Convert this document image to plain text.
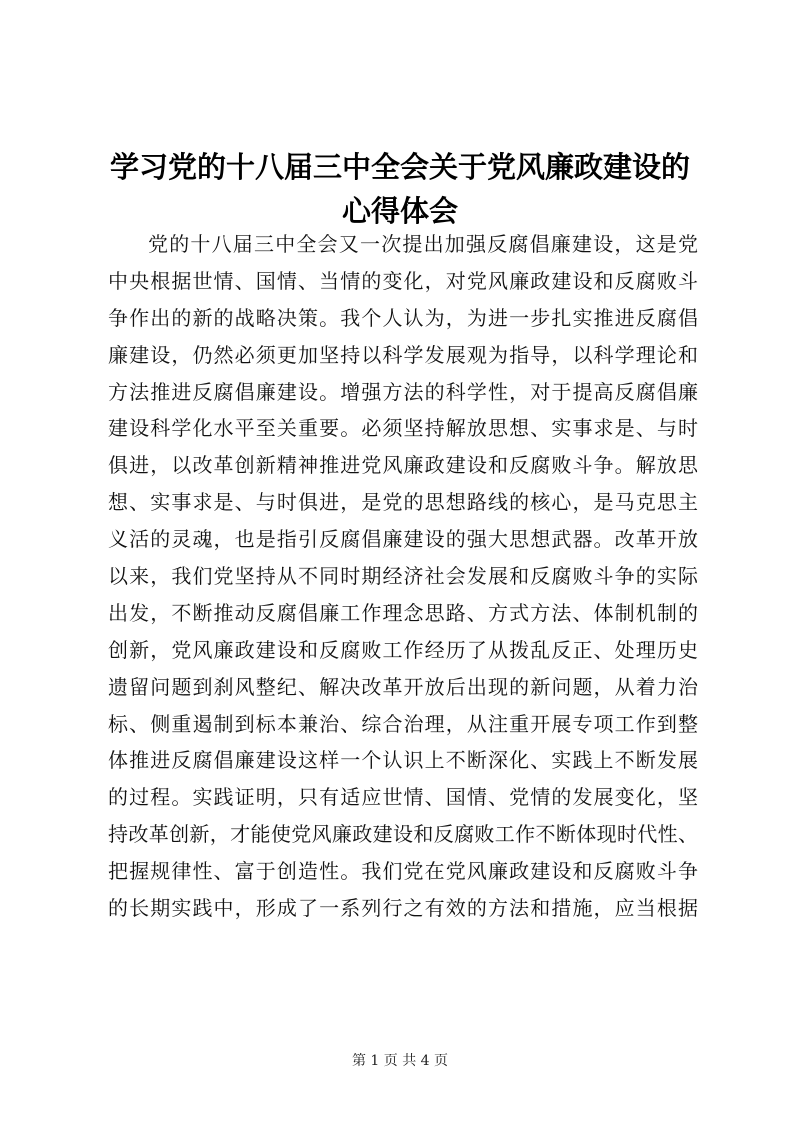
学习党的十八届三中全会关于党风廉政建设的心得体会
党的十八届三中全会又一次提出加强反腐倡廉建设，这是党
中央根据世情、国情、当情的变化，对党风廉政建设和反腐败斗
争作出的新的战略决策。我个人认为，为进一步扎实推进反腐倡
廉建设，仍然必须更加坚持以科学发展观为指导，以科学理论和
方法推进反腐倡廉建设。增强方法的科学性，对于提高反腐倡廉
建设科学化水平至关重要。必须坚持解放思想、实事求是、与时
俱进，以改革创新精神推进党风廉政建设和反腐败斗争。解放思
想、实事求是、与时俱进，是党的思想路线的核心，是马克思主
义活的灵魂，也是指引反腐倡廉建设的强大思想武器。改革开放
以来，我们党坚持从不同时期经济社会发展和反腐败斗争的实际
出发，不断推动反腐倡廉工作理念思路、方式方法、体制机制的
创新，党风廉政建设和反腐败工作经历了从拨乱反正、处理历史
遗留问题到刹风整纪、解决改革开放后出现的新问题，从着力治
标、侧重遏制到标本兼治、综合治理，从注重开展专项工作到整
体推进反腐倡廉建设这样一个认识上不断深化、实践上不断发展
的过程。实践证明，只有适应世情、国情、党情的发展变化，坚
持改革创新，才能使党风廉政建设和反腐败工作不断体现时代性、
把握规律性、富于创造性。我们党在党风廉政建设和反腐败斗争
的长期实践中，形成了一系列行之有效的方法和措施，应当根据
第 1 页 共 4 页
